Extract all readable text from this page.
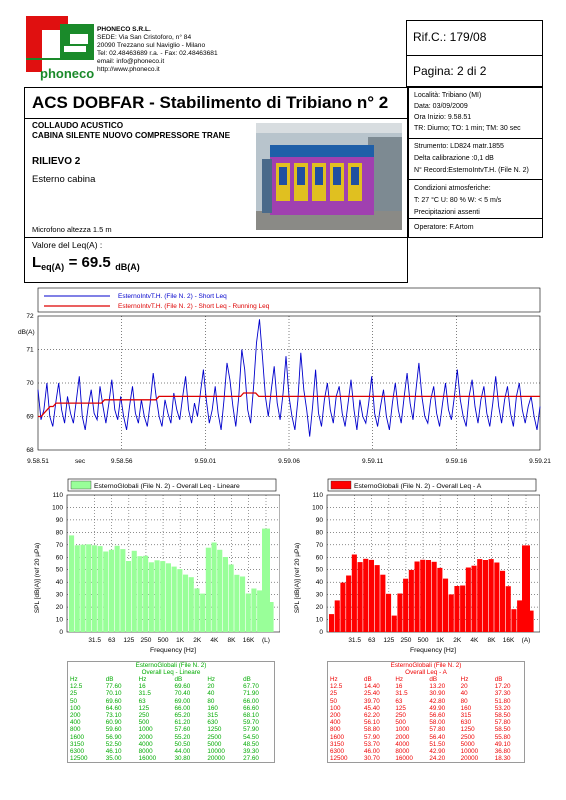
phoneco
PHONECO S.R.L.
SEDE: Via San Cristoforo, n° 84
20090 Trezzano sul Naviglio - Milano
Tel: 02.48463689 r.a. - Fax: 02.48463681
email: info@phoneco.it
http://www.phoneco.it
Rif.C.: 179/08
Pagina: 2 di 2
ACS DOBFAR - Stabilimento di Tribiano n° 2
COLLAUDO ACUSTICO
CABINA SILENTE NUOVO COMPRESSORE TRANE
RILIEVO 2
Esterno cabina
Microfono altezza 1.5 m
Valore del Leq(A) :
Leq(A) = 69.5 dB(A)
Località: Tribiano (MI)
Data: 03/09/2009
Ora Inizio: 9.58.51
TR: Diurno; TO: 1 min; TM: 30 sec
Strumento: LD824 matr.1855
Delta calibrazione :0,1 dB
N° Record:EsternoIntvT.H. (File N. 2)
Condizioni atmosferiche:
T: 27 °C U: 80 % W: < 5 m/s
Precipitazioni assenti
Operatore: F.Artom
EsternoIntvT.H. (File N. 2) - Short Leq
EsternoIntvT.H. (File N. 2) - Short Leq - Running Leq
72
71
70
69
68
9.58.51	9.58.56	9.59.01	9.59.06	9.59.11	9.59.16	9.59.21
dB(A)
sec
EsternoGlobali (File N. 2) - Overall Leq - Lineare
110
100
90
80
70
60
50
40
30
20
10
0
31.5 63 125 250 500 1K 2K 4K 8K 16K (L)
SPL [dB(A)] (ref 20 µPa)
Frequency [Hz]
EsternoGlobali (File N. 2) - Overall Leq - A
110
100
90
80
70
60
50
40
30
20
10
0
31.5 63 125 250 500 1K 2K 4K 8K 16K (A)
SPL [dB(A)] (ref 20 µPa)
Frequency [Hz]
EsternoGlobali (File N. 2)
Overall Leq - Lineare
Hz	dB	Hz	dB	Hz	dB
12.5	77.60	16	69.60	20	67.70
25	70.10	31.5	70.40	40	71.90
50	69.60	63	69.00	80	66.00
100	64.60	125	66.00	160	66.60
200	73.10	250	65.20	315	68.10
400	60.90	500	61.20	630	59.70
800	59.60	1000	57.60	1250	57.90
1600	56.90	2000	55.20	2500	54.50
3150	52.50	4000	50.50	5000	48.50
6300	46.10	8000	44.00	10000	39.30
12500	35.00	16000	30.80	20000	27.60
EsternoGlobali (File N. 2)
Overall Leq - A
Hz	dB	Hz	dB	Hz	dB
12.5	14.40	16	13.20	20	17.20
25	25.40	31.5	30.90	40	37.30
50	39.70	63	42.80	80	51.80
100	45.40	125	49.90	160	53.20
200	62.20	250	56.60	315	58.50
400	56.10	500	58.00	630	57.80
800	58.80	1000	57.80	1250	58.50
1600	57.90	2000	56.40	2500	55.80
3150	53.70	4000	51.50	5000	49.10
6300	46.00	8000	42.90	10000	36.80
12500	30.70	16000	24.20	20000	18.30
